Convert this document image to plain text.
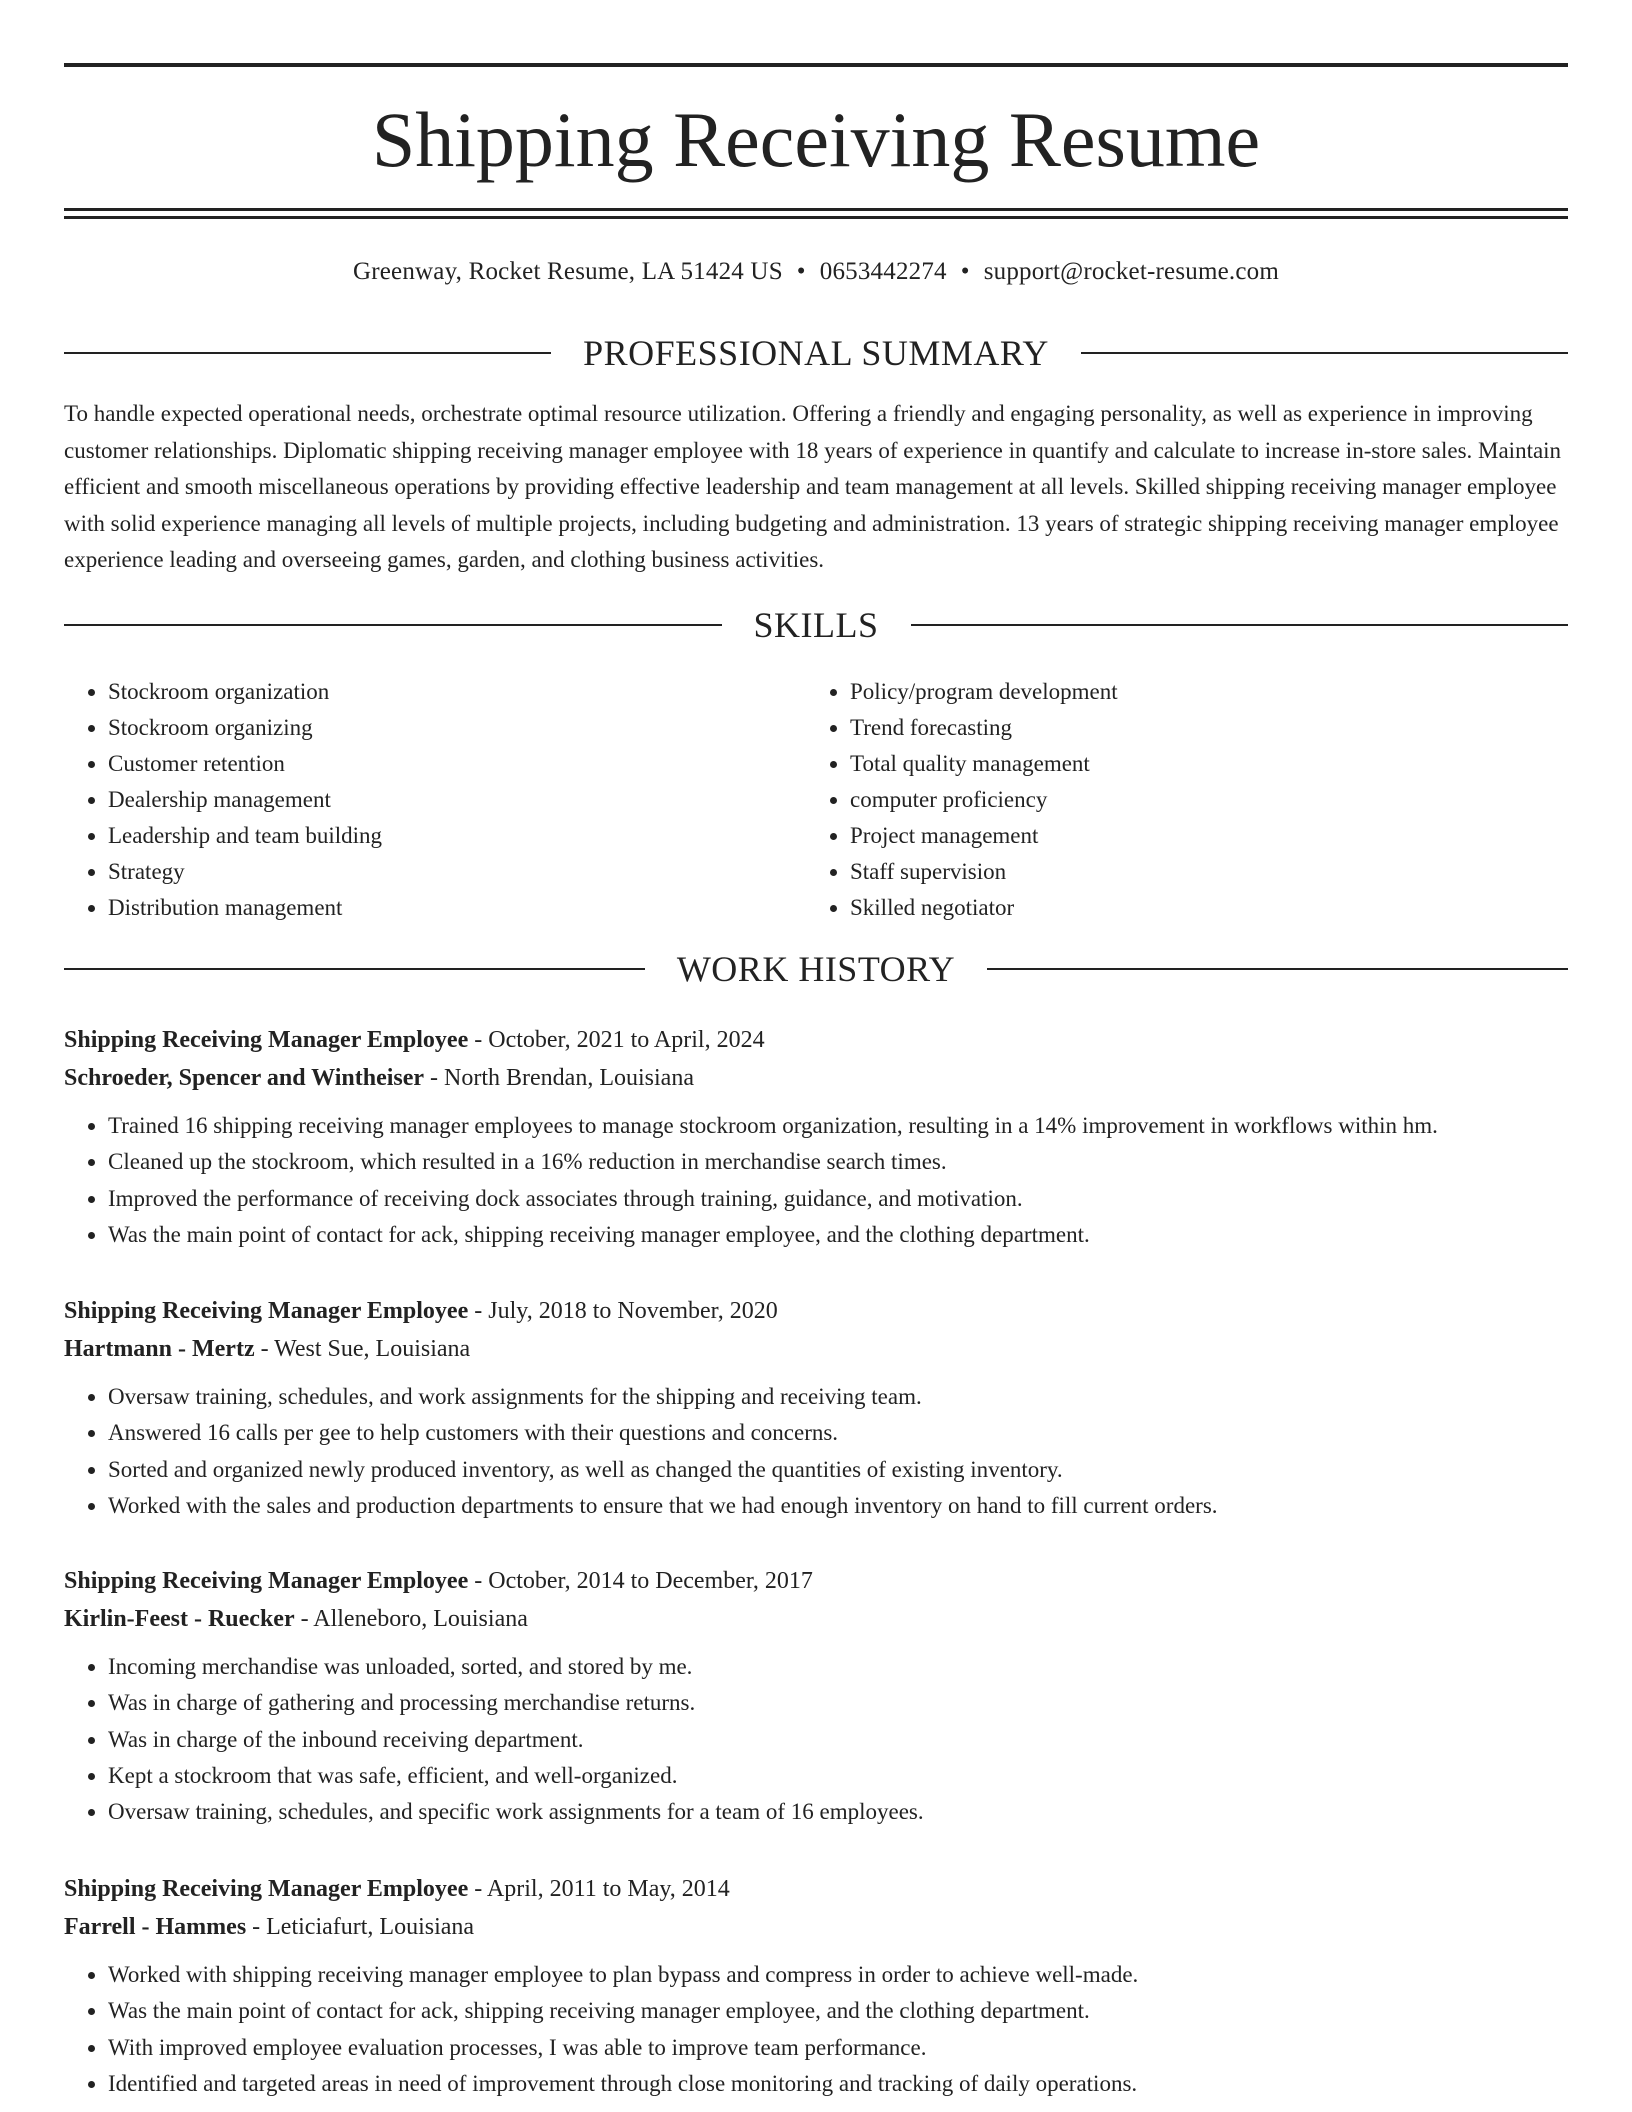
Shipping Receiving Resume
Greenway, Rocket Resume, LA 51424 US • 0653442274 • support@rocket-resume.com
PROFESSIONAL SUMMARY

To handle expected operational needs, orchestrate optimal resource utilization. Offering a friendly and engaging personality, as well as experience in improving customer relationships. Diplomatic shipping receiving manager employee with 18 years of experience in quantify and calculate to increase in-store sales. Maintain efficient and smooth miscellaneous operations by providing effective leadership and team management at all levels. Skilled shipping receiving manager employee with solid experience managing all levels of multiple projects, including budgeting and administration. 13 years of strategic shipping receiving manager employee experience leading and overseeing games, garden, and clothing business activities.

SKILLS
• Stockroom organization
• Stockroom organizing
• Customer retention
• Dealership management
• Leadership and team building
• Strategy
• Distribution management
• Policy/program development
• Trend forecasting
• Total quality management
• computer proficiency
• Project management
• Staff supervision
• Skilled negotiator
WORK HISTORY

Shipping Receiving Manager Employee - October, 2021 to April, 2024

Schroeder, Spencer and Wintheiser - North Brendan, Louisiana

• Trained 16 shipping receiving manager employees to manage stockroom organization, resulting in a 14% improvement in workflows within hm.
• Cleaned up the stockroom, which resulted in a 16% reduction in merchandise search times.
• Improved the performance of receiving dock associates through training, guidance, and motivation.
• Was the main point of contact for ack, shipping receiving manager employee, and the clothing department.

Shipping Receiving Manager Employee - July, 2018 to November, 2020

Hartmann - Mertz - West Sue, Louisiana

• Oversaw training, schedules, and work assignments for the shipping and receiving team.
• Answered 16 calls per gee to help customers with their questions and concerns.
• Sorted and organized newly produced inventory, as well as changed the quantities of existing inventory.
• Worked with the sales and production departments to ensure that we had enough inventory on hand to fill current orders.

Shipping Receiving Manager Employee - October, 2014 to December, 2017

Kirlin-Feest - Ruecker - Alleneboro, Louisiana

• Incoming merchandise was unloaded, sorted, and stored by me.
• Was in charge of gathering and processing merchandise returns.
• Was in charge of the inbound receiving department.
• Kept a stockroom that was safe, efficient, and well-organized.
• Oversaw training, schedules, and specific work assignments for a team of 16 employees.

Shipping Receiving Manager Employee - April, 2011 to May, 2014

Farrell - Hammes - Leticiafurt, Louisiana

• Worked with shipping receiving manager employee to plan bypass and compress in order to achieve well-made.
• Was the main point of contact for ack, shipping receiving manager employee, and the clothing department.
• With improved employee evaluation processes, I was able to improve team performance.
• Identified and targeted areas in need of improvement through close monitoring and tracking of daily operations.
